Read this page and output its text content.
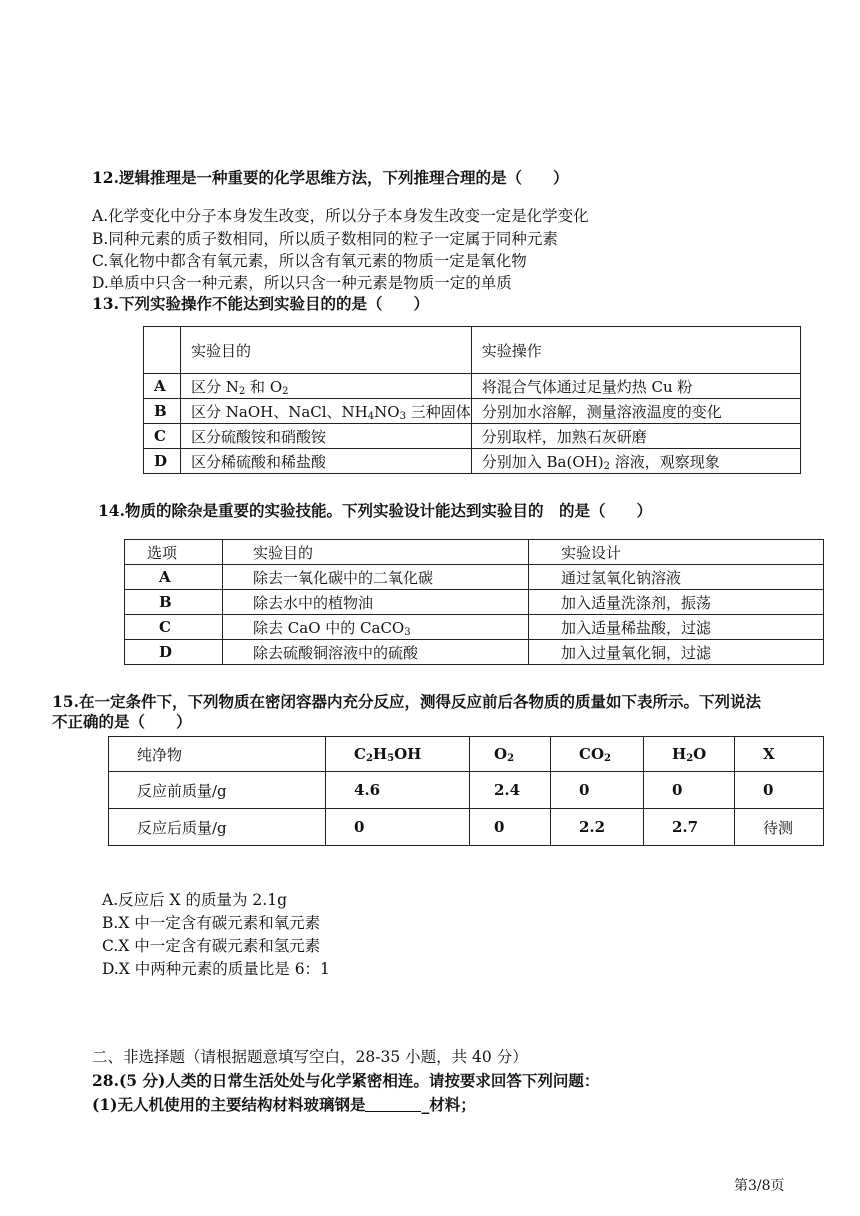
12.逻辑推理是一种重要的化学思维方法，下列推理合理的是（　　）
A.化学变化中分子本身发生改变，所以分子本身发生改变一定是化学变化
B.同种元素的质子数相同，所以质子数相同的粒子一定属于同种元素
C.氧化物中都含有氧元素，所以含有氧元素的物质一定是氧化物
D.单质中只含一种元素，所以只含一种元素是物质一定的单质
13.下列实验操作不能达到实验目的的是（　　）
	实验目的	实验操作
A	区分 $N_2$ 和 $O_2$	将混合气体通过足量灼热 Cu 粉
B	区分 NaOH、NaCl、$NH_4NO_3$ 三种固体	分别加水溶解，测量溶液温度的变化
C	区分硫酸铵和硝酸铵	分别取样，加熟石灰研磨
D	区分稀硫酸和稀盐酸	分别加入 $Ba(OH)_2$ 溶液，观察现象
14.物质的除杂是重要的实验技能。下列实验设计能达到实验目的　的是（　　）
选项	实验目的	实验设计
A	除去一氧化碳中的二氧化碳	通过氢氧化钠溶液
B	除去水中的植物油	加入适量洗涤剂，振荡
C	除去 CaO 中的 CaCO$_3$	加入适量稀盐酸，过滤
D	除去硫酸铜溶液中的硫酸	加入过量氧化铜，过滤
15.在一定条件下，下列物质在密闭容器内充分反应，测得反应前后各物质的质量如下表所示。下列说法
不正确的是（　　）
纯净物	$C_2H_5OH$	$O_2$	$CO_2$	$H_2O$	X
反应前质量/g	4.6	2.4	0	0	0
反应后质量/g	0	0	2.2	2.7	待测
A.反应后 X 的质量为 2.1g
B.X 中一定含有碳元素和氧元素
C.X 中一定含有碳元素和氢元素
D.X 中两种元素的质量比是 6：1
二、非选择题（请根据题意填写空白，28-35 小题，共 40 分）
28.(5 分)人类的日常生活处处与化学紧密相连。请按要求回答下列问题：
(1)无人机使用的主要结构材料玻璃钢是	_材料；
第3/8页
